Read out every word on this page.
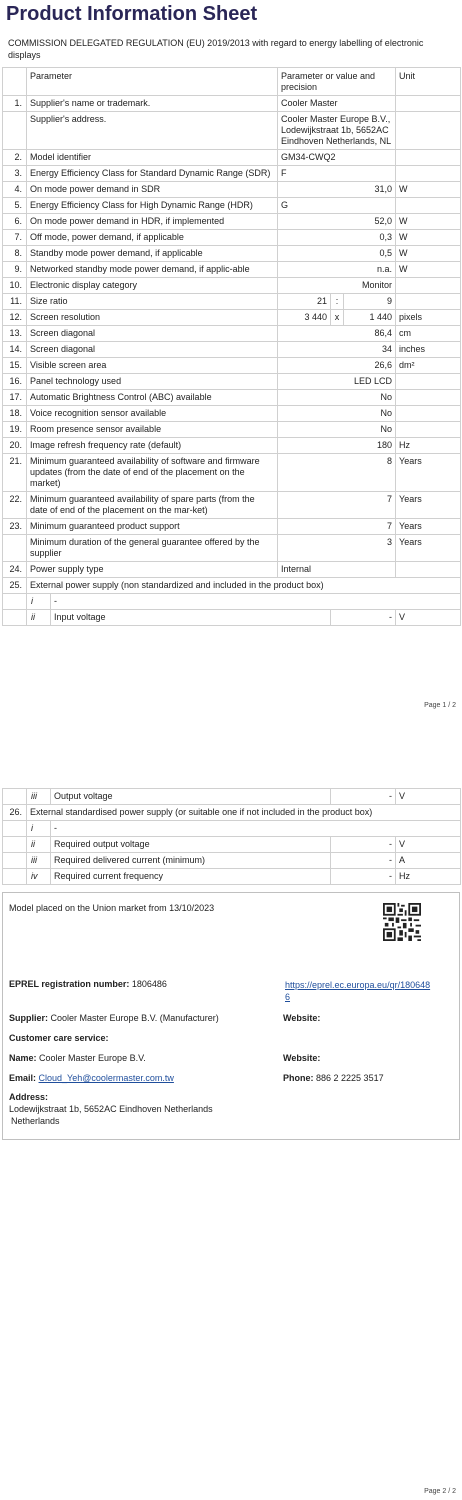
Product Information Sheet
COMMISSION DELEGATED REGULATION (EU) 2019/2013 with regard to energy labelling of electronic displays
	Parameter		Parameter or value and precision			Unit
1.	Supplier's name or trademark.		Cooler Master			
	Supplier's address.		Cooler Master Europe B.V., Lodewijkstraat 1b, 5652AC Eindhoven Netherlands, NL			
2.	Model identifier		GM34-CWQ2			
3.	Energy Efficiency Class for Standard Dynamic Range (SDR)		F			
4.	On mode power demand in SDR		31,0			W
5.	Energy Efficiency Class for High Dynamic Range (HDR)		G			
6.	On mode power demand in HDR, if implemented		52,0			W
7.	Off mode, power demand, if applicable		0,3			W
8.	Standby mode power demand, if applicable		0,5			W
9.	Networked standby mode power demand, if applic-able		n.a.			W
10.	Electronic display category		Monitor			
11.	Size ratio		21	:	9	
12.	Screen resolution		3 440	x	1 440	pixels
13.	Screen diagonal		86,4			cm
14.	Screen diagonal		34			inches
15.	Visible screen area		26,6			dm²
16.	Panel technology used		LED LCD			
17.	Automatic Brightness Control (ABC) available		No			
18.	Voice recognition sensor available		No			
19.	Room presence sensor available		No			
20.	Image refresh frequency rate (default)		180			Hz
21.	Minimum guaranteed availability of software and firmware updates (from the date of end of the placement on the market)		8			Years
22.	Minimum guaranteed availability of spare parts (from the date of end of the placement on the mar-ket)		7			Years
23.	Minimum guaranteed product support		7			Years
	Minimum duration of the general guarantee offered by the supplier		3			Years
24.	Power supply type		Internal			
25.	External power supply (non standardized and included in the product box)					
	i	-				
	ii	Input voltage		-		V
Page 1 / 2
	iii	Output voltage	-	V
26.	External standardised power supply (or suitable one if not included in the product box)			
	i	-		
	ii	Required output voltage	-	V
	iii	Required delivered current (minimum)	-	A
	iv	Required current frequency	-	Hz
Model placed on the Union market from 13/10/2023
EPREL registration number: 1806486	https://eprel.ec.europa.eu/qr/1806486
Supplier: Cooler Master Europe B.V. (Manufacturer)	Website:
Customer care service:
Name: Cooler Master Europe B.V.	Website:
Email: Cloud_Yeh@coolermaster.com.tw	Phone: 886 2 2225 3517
Address:
Lodewijkstraat 1b, 5652AC Eindhoven Netherlands
Netherlands
Page 2 / 2
